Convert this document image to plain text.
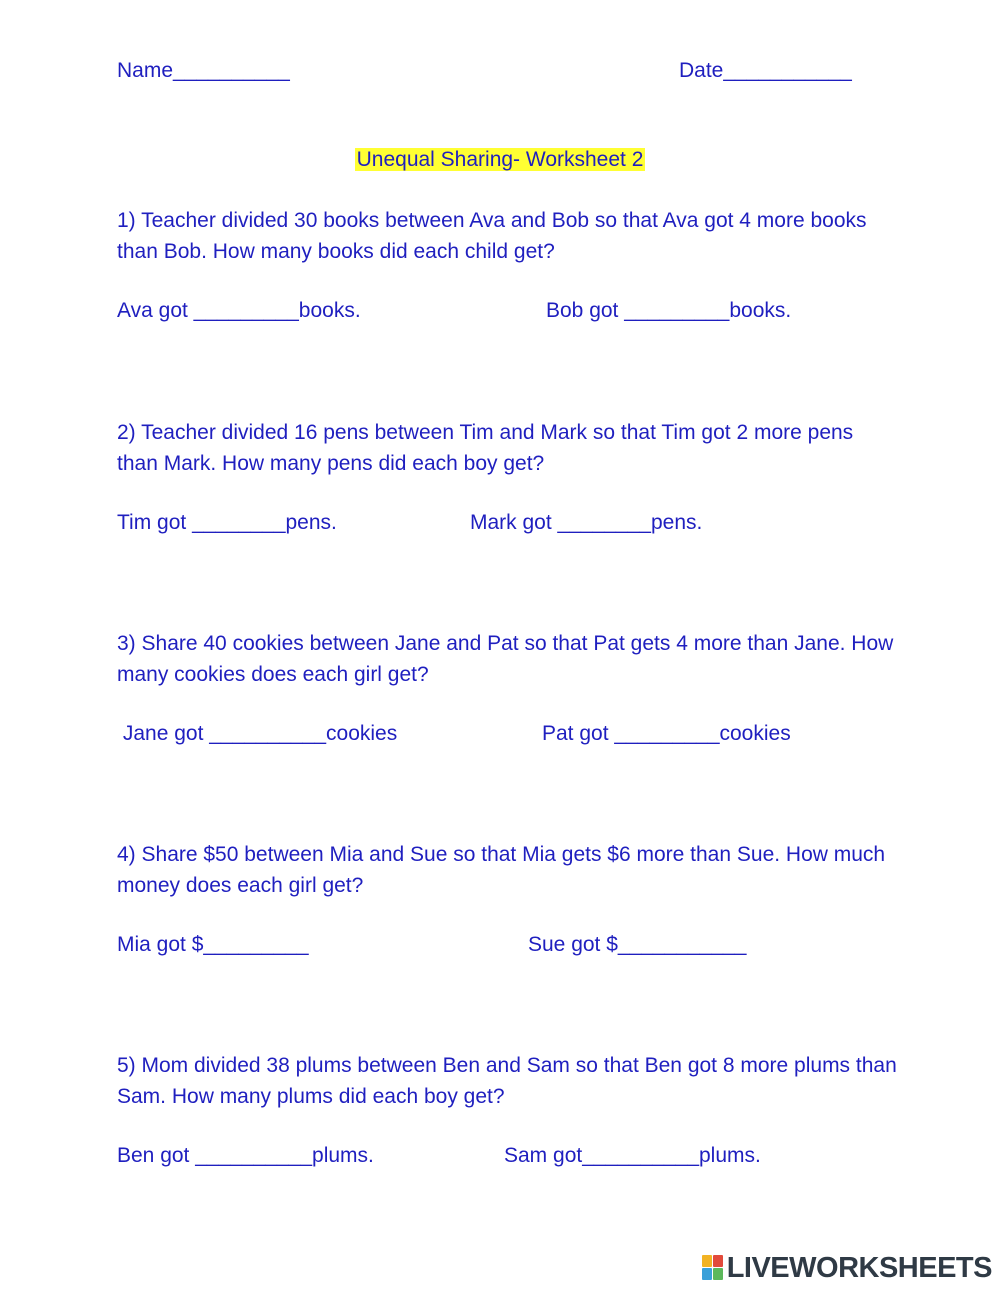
Name__________	Date___________
Unequal Sharing- Worksheet 2
1) Teacher divided 30 books between Ava and Bob so that Ava got 4 more books than Bob. How many books did each child get?
Ava got _________books.	Bob got _________books.
2) Teacher divided 16 pens between Tim and Mark so that Tim got 2 more pens than Mark. How many pens did each boy get?
Tim got ________pens.	Mark got ________pens.
3) Share 40 cookies between Jane and Pat so that Pat gets 4 more than Jane. How many cookies does each girl get?
Jane got __________cookies	Pat got _________cookies
4) Share $50 between Mia and Sue so that Mia gets $6 more than Sue. How much money does each girl get?
Mia got $_________	Sue got $___________
5) Mom divided 38 plums between Ben and Sam so that Ben got 8 more plums than Sam. How many plums did each boy get?
Ben got __________plums.	Sam got__________plums.
LIVEWORKSHEETS
